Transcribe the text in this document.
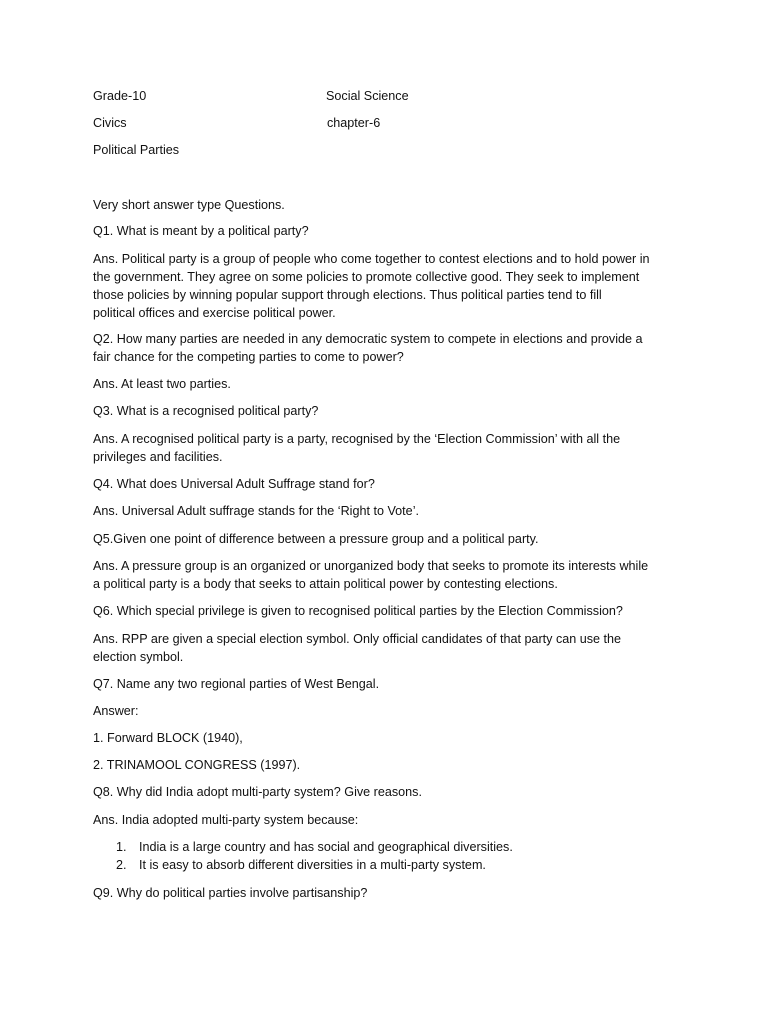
Grade-10	Social Science
Civics	chapter-6
Political Parties
Very short answer type Questions.
Q1. What is meant by a political party?
Ans. Political party is a group of people who come together to contest elections and to hold power in
the government. They agree on some policies to promote collective good. They seek to implement
those policies by winning popular support through elections. Thus political parties tend to fill
political offices and exercise political power.
Q2. How many parties are needed in any democratic system to compete in elections and provide a
fair chance for the competing parties to come to power?
Ans. At least two parties.
Q3. What is a recognised political party?
Ans. A recognised political party is a party, recognised by the ‘Election Commission’ with all the
privileges and facilities.
Q4. What does Universal Adult Suffrage stand for?
Ans. Universal Adult suffrage stands for the ‘Right to Vote’.
Q5.Given one point of difference between a pressure group and a political party.
Ans. A pressure group is an organized or unorganized body that seeks to promote its interests while
a political party is a body that seeks to attain political power by contesting elections.
Q6. Which special privilege is given to recognised political parties by the Election Commission?
Ans. RPP are given a special election symbol. Only official candidates of that party can use the
election symbol.
Q7. Name any two regional parties of West Bengal.
Answer:
1. Forward BLOCK (1940),
2. TRINAMOOL CONGRESS (1997).
Q8. Why did India adopt multi-party system? Give reasons.
Ans. India adopted multi-party system because:
1. India is a large country and has social and geographical diversities.
2. It is easy to absorb different diversities in a multi-party system.
Q9. Why do political parties involve partisanship?
